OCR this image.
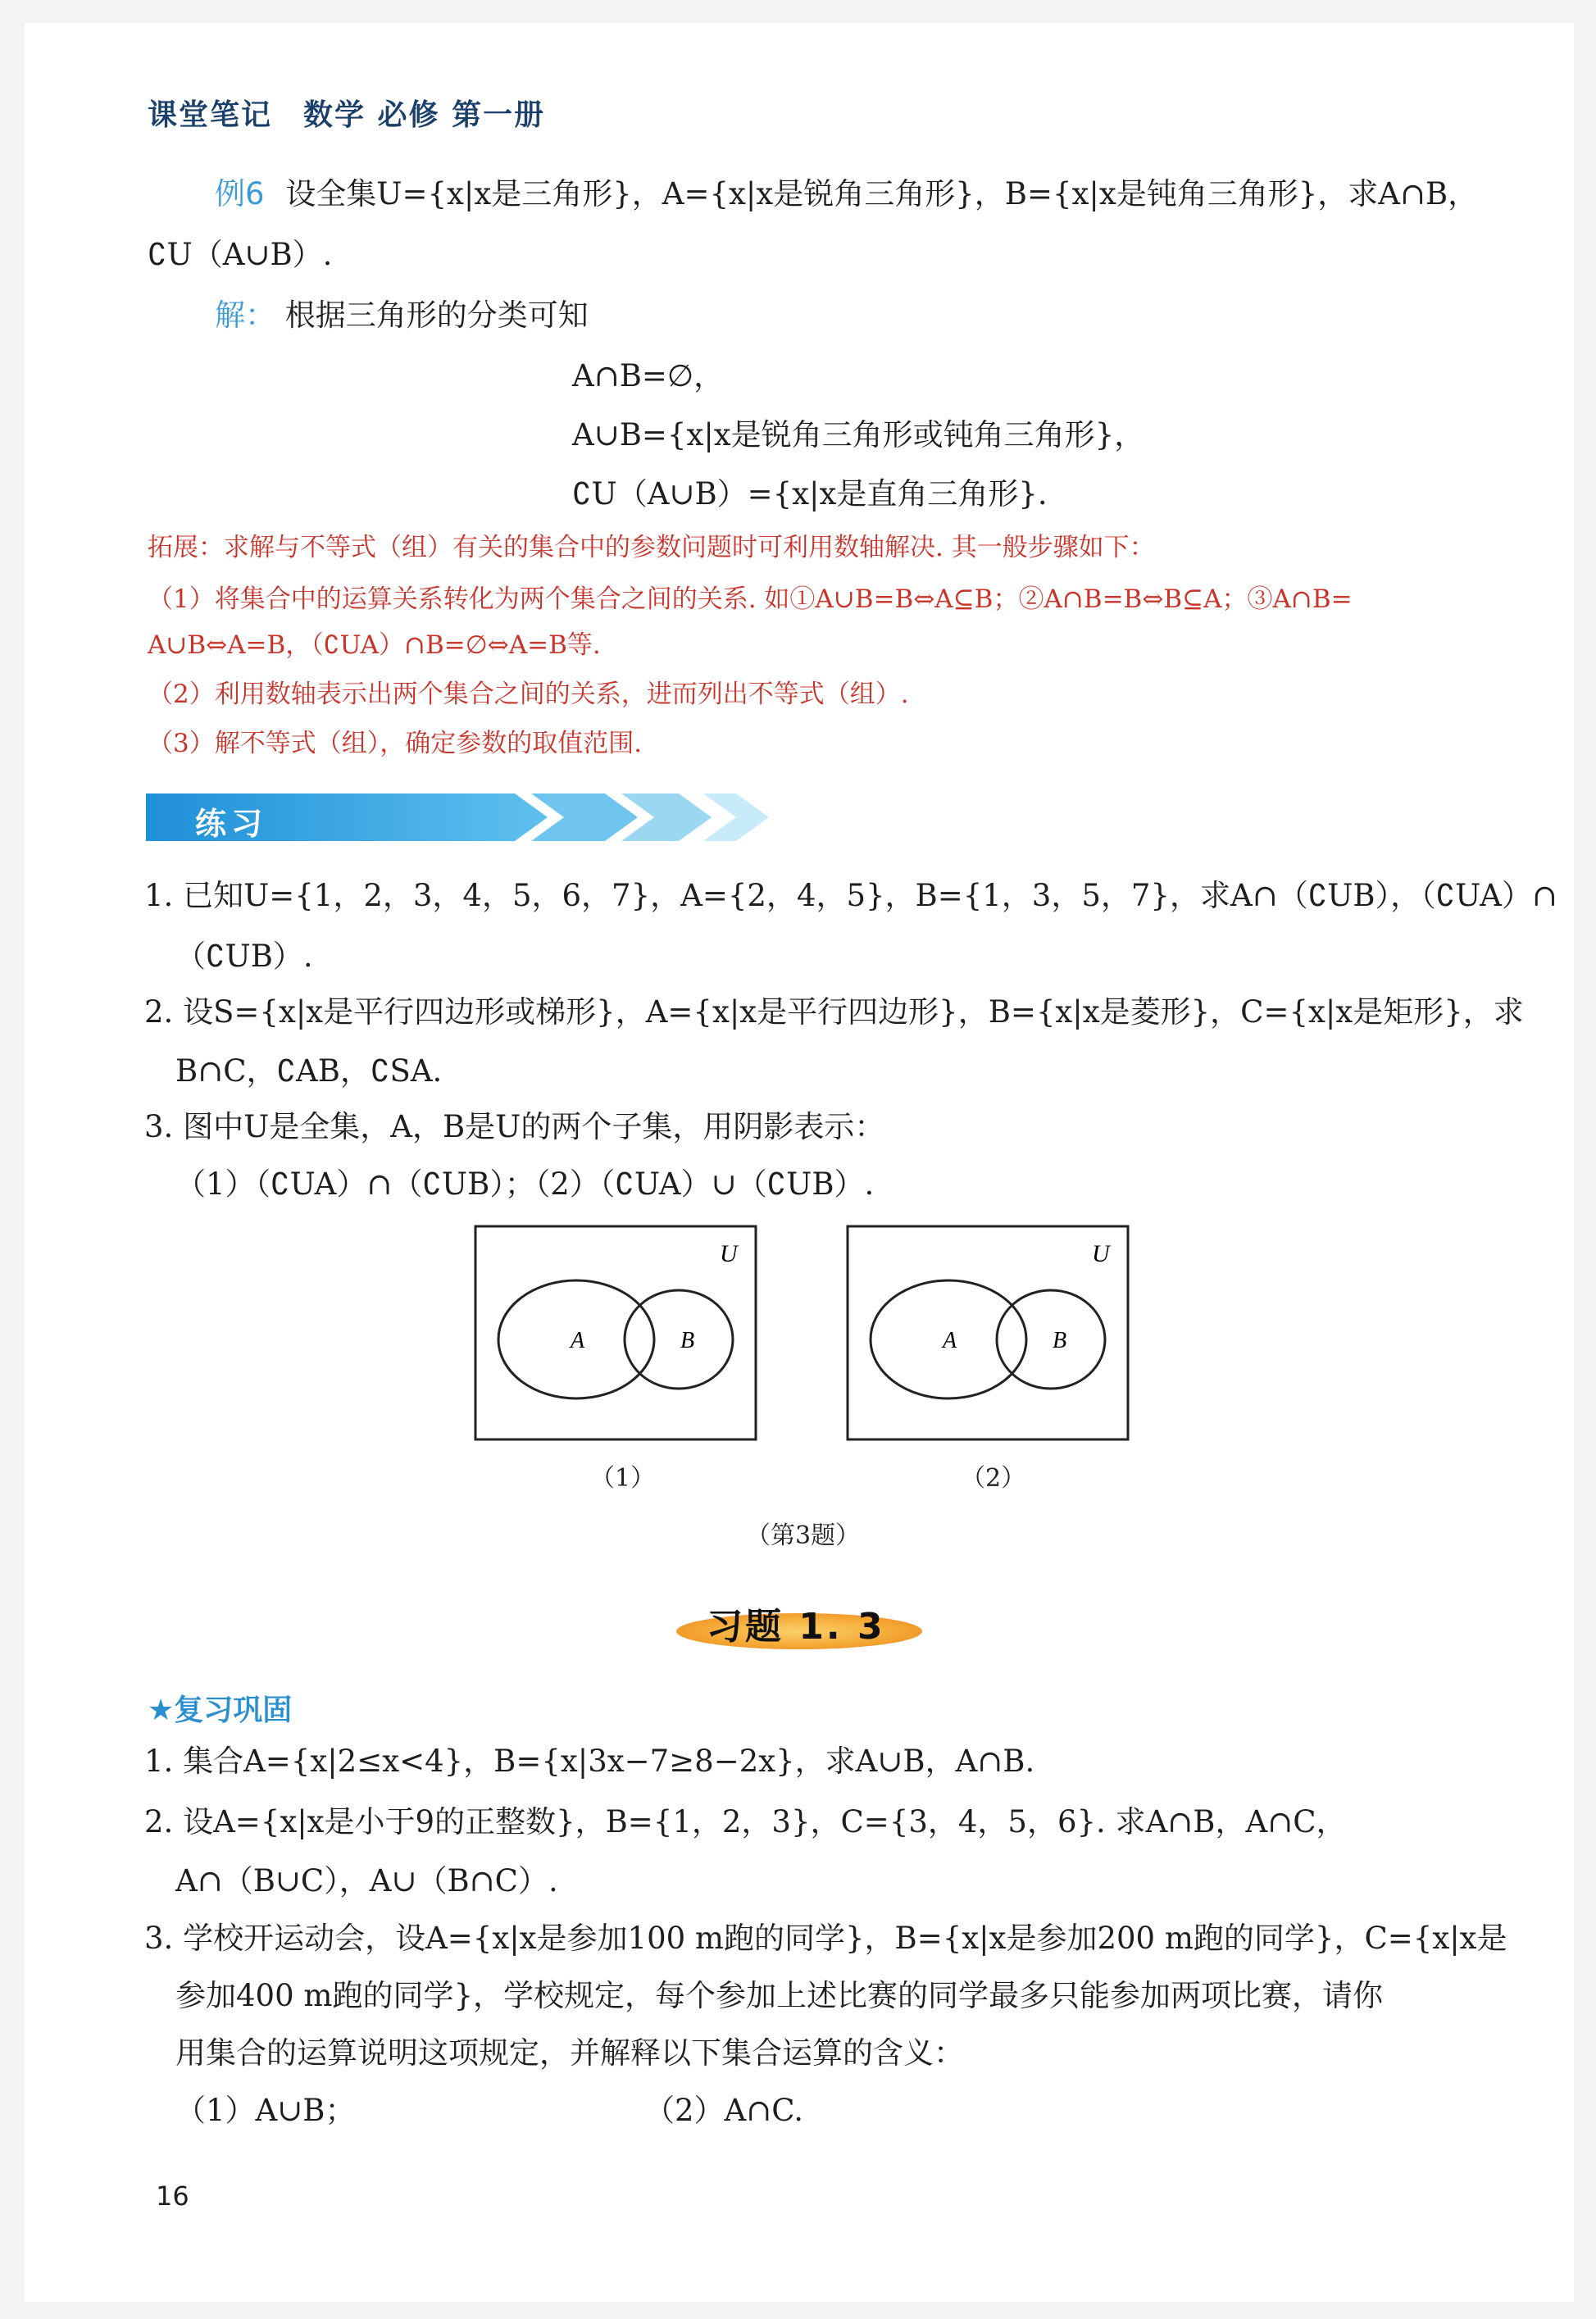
课堂笔记　数学 必修 第一册
例6 设全集U={x|x是三角形}，A={x|x是锐角三角形}，B={x|x是钝角三角形}，求A∩B，
∁U（A∪B）.
解： 根据三角形的分类可知
A∩B=∅，
A∪B={x|x是锐角三角形或钝角三角形}，
∁U（A∪B）={x|x是直角三角形}.
拓展：求解与不等式（组）有关的集合中的参数问题时可利用数轴解决. 其一般步骤如下：
（1）将集合中的运算关系转化为两个集合之间的关系. 如①A∪B=B⇔A⊆B；②A∩B=B⇔B⊆A；③A∩B=
A∪B⇔A=B，（∁UA）∩B=∅⇔A=B等.
（2）利用数轴表示出两个集合之间的关系，进而列出不等式（组）.
（3）解不等式（组），确定参数的取值范围.
练习
1. 已知U={1，2，3，4，5，6，7}，A={2，4，5}，B={1，3，5，7}，求A∩（∁UB），（∁UA）∩
（∁UB）.
2. 设S={x|x是平行四边形或梯形}，A={x|x是平行四边形}，B={x|x是菱形}，C={x|x是矩形}，求
B∩C，∁AB，∁SA.
3. 图中U是全集，A，B是U的两个子集，用阴影表示：
（1）（∁UA）∩（∁UB）；（2）（∁UA）∪（∁UB）.
U
A	B
（1）
U
A	B
（2）
（第3题）
习题 1. 3
★复习巩固
1. 集合A={x|2≤x<4}，B={x|3x−7≥8−2x}，求A∪B，A∩B.
2. 设A={x|x是小于9的正整数}，B={1，2，3}，C={3，4，5，6}. 求A∩B，A∩C，
A∩（B∪C），A∪（B∩C）.
3. 学校开运动会，设A={x|x是参加100 m跑的同学}，B={x|x是参加200 m跑的同学}，C={x|x是
参加400 m跑的同学}，学校规定，每个参加上述比赛的同学最多只能参加两项比赛，请你
用集合的运算说明这项规定，并解释以下集合运算的含义：
（1）A∪B；	（2）A∩C.
16
